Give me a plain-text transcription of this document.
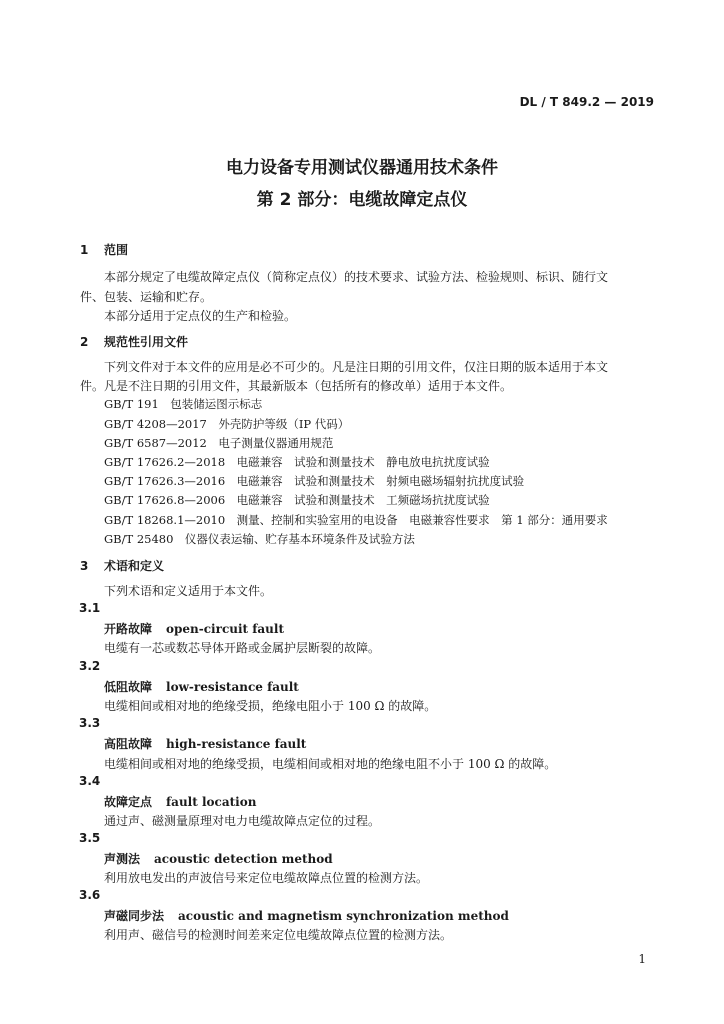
DL / T 849.2 — 2019
电力设备专用测试仪器通用技术条件
第 2 部分：电缆故障定点仪
1 范围
本部分规定了电缆故障定点仪（简称定点仪）的技术要求、试验方法、检验规则、标识、随行文
件、包装、运输和贮存。
本部分适用于定点仪的生产和检验。
2 规范性引用文件
下列文件对于本文件的应用是必不可少的。凡是注日期的引用文件，仅注日期的版本适用于本文
件。凡是不注日期的引用文件，其最新版本（包括所有的修改单）适用于本文件。
GB/T 191　 包装储运图示标志
GB/T 4208—2017　 外壳防护等级（IP 代码）
GB/T 6587—2012　 电子测量仪器通用规范
GB/T 17626.2—2018　 电磁兼容　试验和测量技术　静电放电抗扰度试验
GB/T 17626.3—2016　 电磁兼容　试验和测量技术　射频电磁场辐射抗扰度试验
GB/T 17626.8—2006　 电磁兼容　试验和测量技术　工频磁场抗扰度试验
GB/T 18268.1—2010　 测量、控制和实验室用的电设备　电磁兼容性要求　第 1 部分：通用要求
GB/T 25480　 仪器仪表运输、贮存基本环境条件及试验方法
3 术语和定义
下列术语和定义适用于本文件。
3.1
开路故障 open-circuit fault
电缆有一芯或数芯导体开路或金属护层断裂的故障。
3.2
低阻故障 low-resistance fault
电缆相间或相对地的绝缘受损，绝缘电阻小于 100 Ω 的故障。
3.3
高阻故障 high-resistance fault
电缆相间或相对地的绝缘受损，电缆相间或相对地的绝缘电阻不小于 100 Ω 的故障。
3.4
故障定点 fault location
通过声、磁测量原理对电力电缆故障点定位的过程。
3.5
声测法 acoustic detection method
利用放电发出的声波信号来定位电缆故障点位置的检测方法。
3.6
声磁同步法 acoustic and magnetism synchronization method
利用声、磁信号的检测时间差来定位电缆故障点位置的检测方法。
1
